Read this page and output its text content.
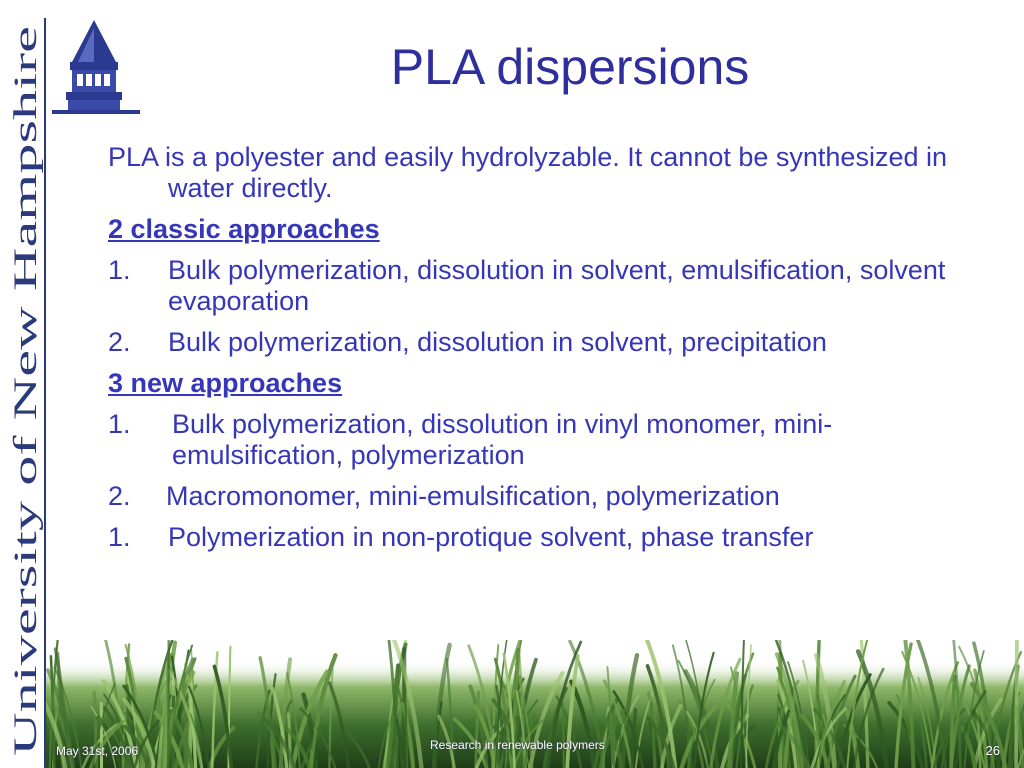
University of New Hampshire
PLA dispersions

PLA is a polyester and easily hydrolyzable. It cannot be synthesized in water directly.

2 classic approaches

1. Bulk polymerization, dissolution in solvent, emulsification, solvent evaporation
2. Bulk polymerization, dissolution in solvent, precipitation

3 new approaches

1. Bulk polymerization, dissolution in vinyl monomer, mini-emulsification, polymerization
2. Macromonomer, mini-emulsification, polymerization
1. Polymerization in non-protique solvent, phase transfer
May 31st, 2006	Research in renewable polymers	26
